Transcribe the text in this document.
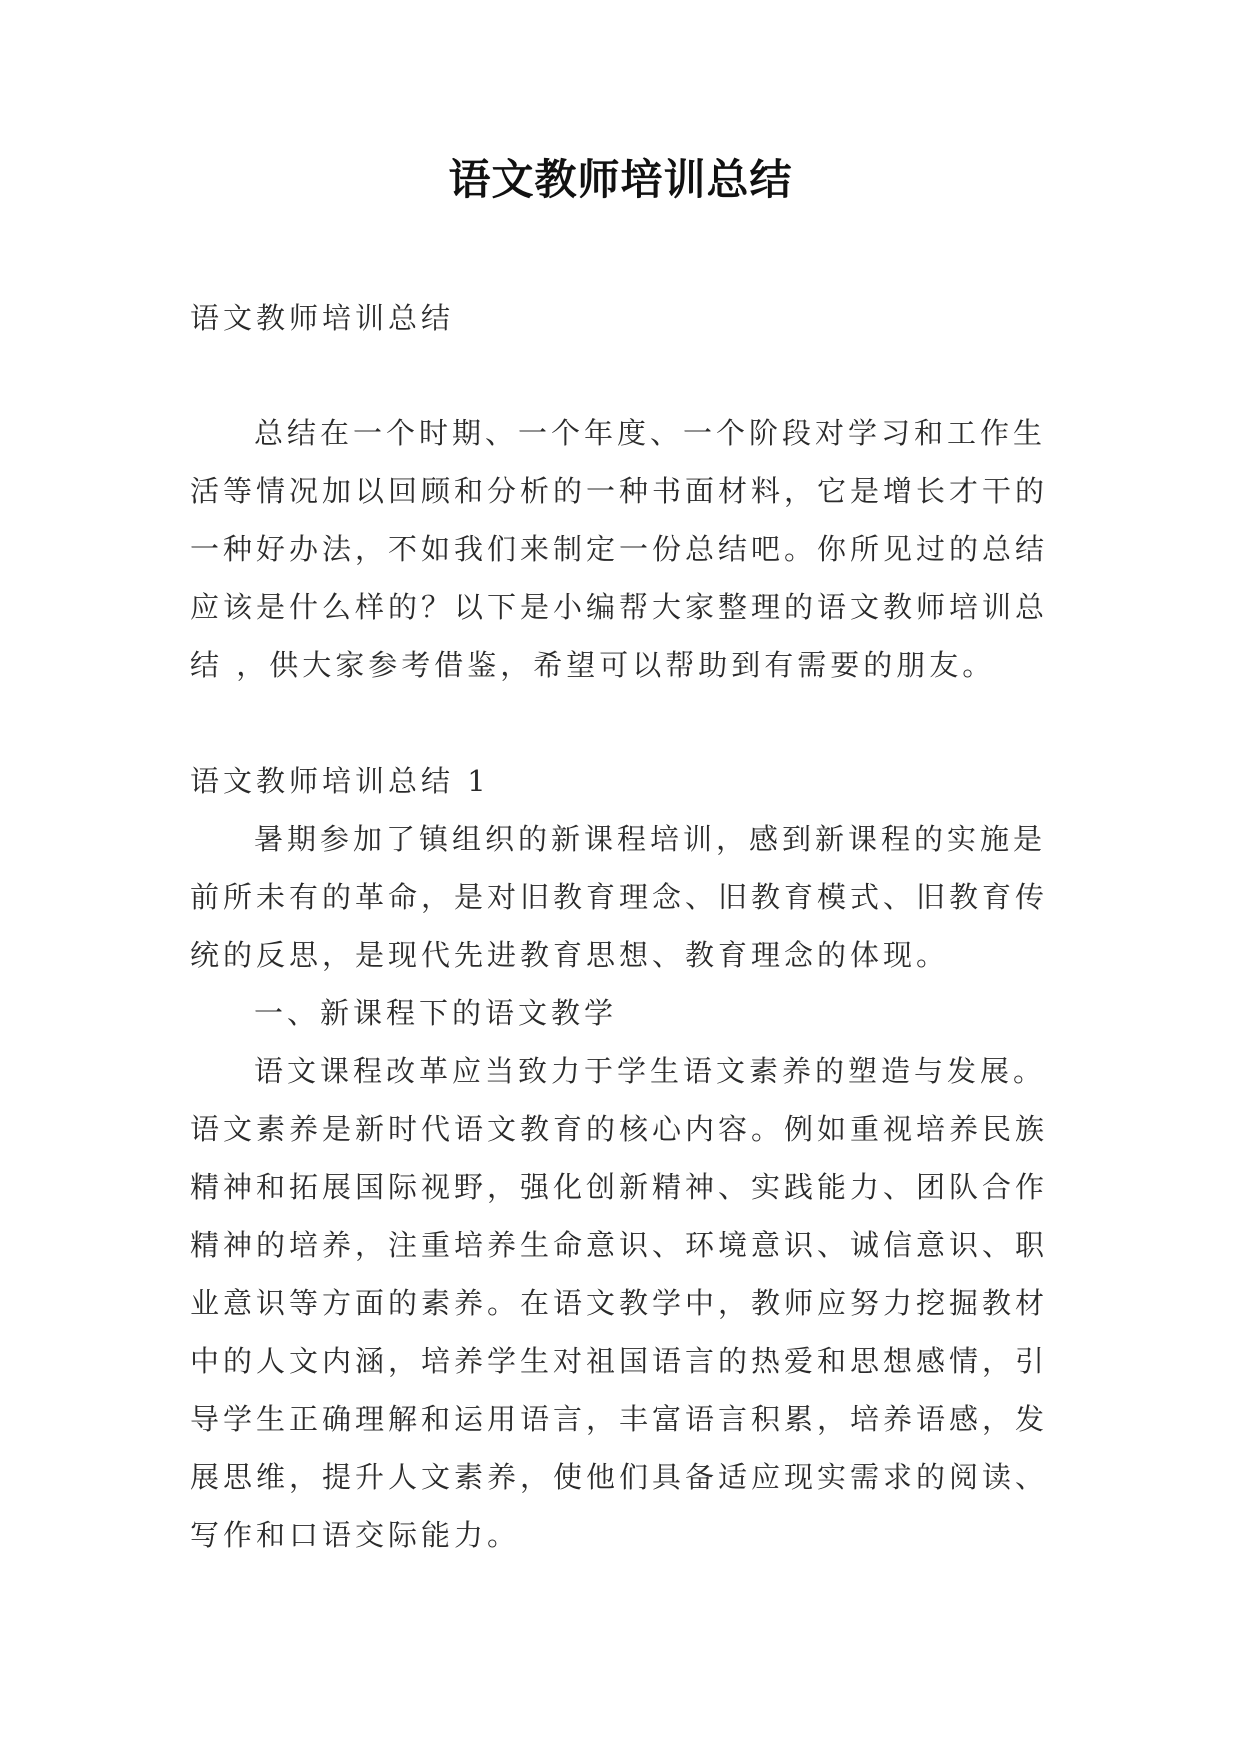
语文教师培训总结

语文教师培训总结

总结在一个时期、一个年度、一个阶段对学习和工作生活等情况加以回顾和分析的一种书面材料，它是增长才干的一种好办法，不如我们来制定一份总结吧。你所见过的总结应该是什么样的？以下是小编帮大家整理的语文教师培训总结 ，供大家参考借鉴，希望可以帮助到有需要的朋友。

语文教师培训总结 1

暑期参加了镇组织的新课程培训，感到新课程的实施是前所未有的革命，是对旧教育理念、旧教育模式、旧教育传统的反思，是现代先进教育思想、教育理念的体现。

一、新课程下的语文教学

语文课程改革应当致力于学生语文素养的塑造与发展。语文素养是新时代语文教育的核心内容。例如重视培养民族精神和拓展国际视野，强化创新精神、实践能力、团队合作精神的培养，注重培养生命意识、环境意识、诚信意识、职业意识等方面的素养。在语文教学中，教师应努力挖掘教材中的人文内涵，培养学生对祖国语言的热爱和思想感情，引导学生正确理解和运用语言，丰富语言积累，培养语感，发展思维，提升人文素养，使他们具备适应现实需求的阅读、写作和口语交际能力。
